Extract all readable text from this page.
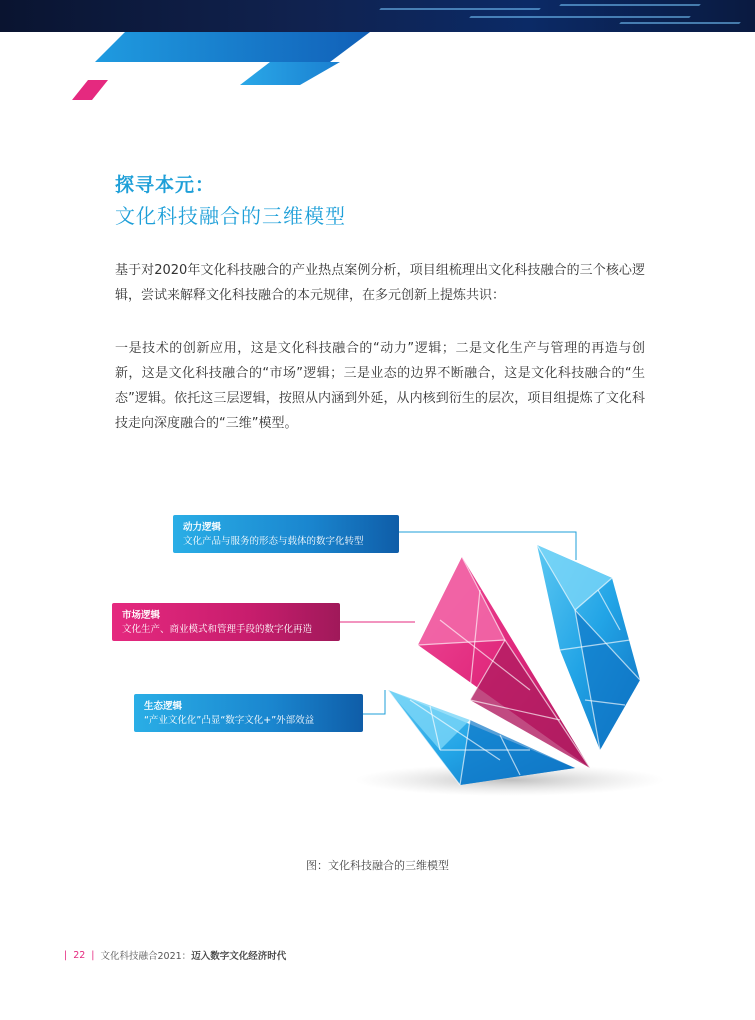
探寻本元：
文化科技融合的三维模型

基于对2020年文化科技融合的产业热点案例分析，项目组梳理出文化科技融合的三个核心逻辑，尝试来解释文化科技融合的本元规律，在多元创新上提炼共识：

一是技术的创新应用，这是文化科技融合的“动力”逻辑；二是文化生产与管理的再造与创新，这是文化科技融合的“市场”逻辑；三是业态的边界不断融合，这是文化科技融合的“生态”逻辑。依托这三层逻辑，按照从内涵到外延，从内核到衍生的层次，项目组提炼了文化科技走向深度融合的“三维”模型。

动力逻辑
文化产品与服务的形态与载体的数字化转型
市场逻辑
文化生产、商业模式和管理手段的数字化再造
生态逻辑
“产业文化化”凸显“数字文化+”外部效益
图：文化科技融合的三维模型
| 22 | 文化科技融合2021：迈入数字文化经济时代
